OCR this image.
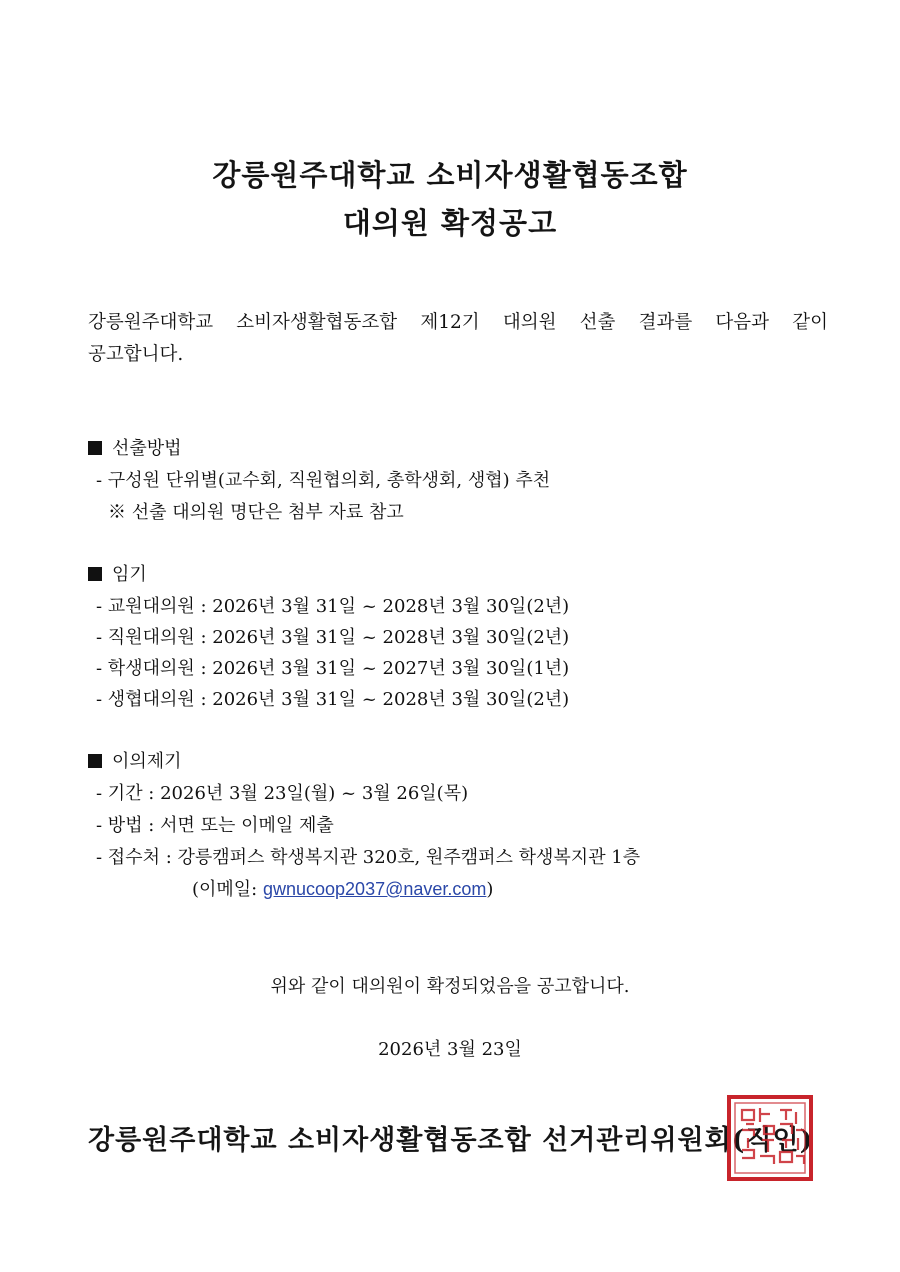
강릉원주대학교 소비자생활협동조합
대의원 확정공고
강릉원주대학교 소비자생활협동조합 제12기 대의원 선출 결과를 다음과 같이
공고합니다.
선출방법
- 구성원 단위별(교수회, 직원협의회, 총학생회, 생협) 추천
※ 선출 대의원 명단은 첨부 자료 참고
임기
- 교원대의원 : 2026년 3월 31일 ~ 2028년 3월 30일(2년)
- 직원대의원 : 2026년 3월 31일 ~ 2028년 3월 30일(2년)
- 학생대의원 : 2026년 3월 31일 ~ 2027년 3월 30일(1년)
- 생협대의원 : 2026년 3월 31일 ~ 2028년 3월 30일(2년)
이의제기
- 기간 : 2026년 3월 23일(월) ~ 3월 26일(목)
- 방법 : 서면 또는 이메일 제출
- 접수처 : 강릉캠퍼스 학생복지관 320호, 원주캠퍼스 학생복지관 1층
(이메일: gwnucoop2037@naver.com)
위와 같이 대의원이 확정되었음을 공고합니다.
2026년 3월 23일
강릉원주대학교 소비자생활협동조합 선거관리위원회(직인)
